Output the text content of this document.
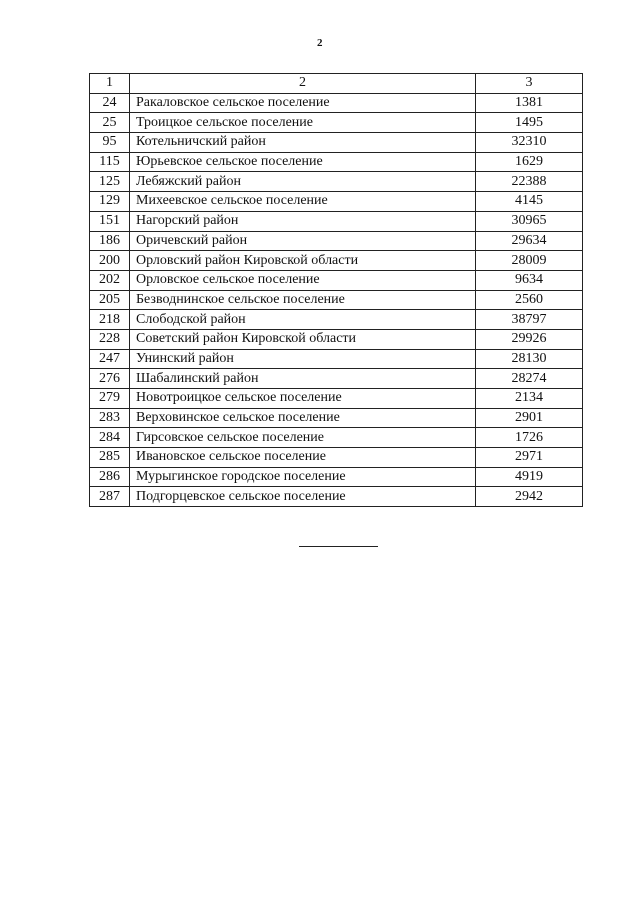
2
1	2	3
24	Ракаловское сельское поселение	1381
25	Троицкое сельское поселение	1495
95	Котельничский район	32310
115	Юрьевское сельское поселение	1629
125	Лебяжский район	22388
129	Михеевское сельское поселение	4145
151	Нагорский район	30965
186	Оричевский район	29634
200	Орловский район Кировской области	28009
202	Орловское сельское поселение	9634
205	Безводнинское сельское поселение	2560
218	Слободской район	38797
228	Советский район Кировской области	29926
247	Унинский район	28130
276	Шабалинский район	28274
279	Новотроицкое сельское поселение	2134
283	Верховинское сельское поселение	2901
284	Гирсовское сельское поселение	1726
285	Ивановское сельское поселение	2971
286	Мурыгинское городское поселение	4919
287	Подгорцевское сельское поселение	2942
